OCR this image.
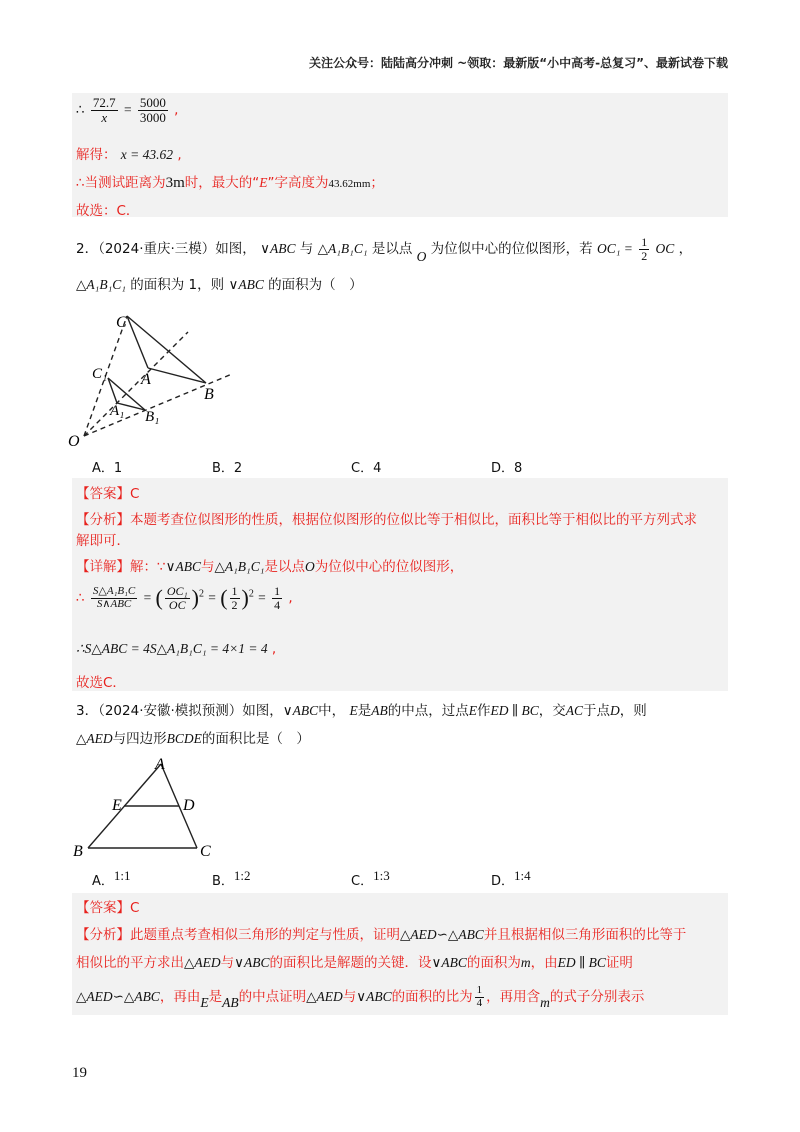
关注公众号：陆陆高分冲刺 ~领取：最新版“小中高考-总复习”、最新试卷下载
∴ $\frac{72.7}{x} = \frac{5000}{3000}$ ,
解得： x = 43.62 ,
∴当测试距离为3m时，最大的“E”字高度为43.62mm；
故选：C．
2．（2024·重庆·三模）如图， ∨ABC 与 △A₁B₁C₁ 是以点 O 为位似中心的位似图形，若 $OC_1 = \frac{1}{2}$ OC ，
△A₁B₁C₁ 的面积为 1，则 ∨ABC 的面积为（　）
C
A
B
C₁
A₁ B₁
O
A．1	B．2	C．4	D．8
【答案】C
【分析】本题考查位似图形的性质，根据位似图形的位似比等于相似比，面积比等于相似比的平方列式求
解即可．
【详解】解：∵∨ABC与△A₁B₁C₁是以点O为位似中心的位似图形，
∴ $\frac{\text{S△A₁B₁C}}{\text{S∧ABC}}$ = ( $\frac{\text{OC₁}}{OC} )^2$ = ( $\frac{1}{2} )^2 = \frac{1}{4}$ ,
∴S△ABC = 4S△A₁B₁C₁ = 4×1 = 4 ,
故选C．
3．（2024·安徽·模拟预测）如图，∨ABC中， E是AB的中点，过点E作ED ∥ BC，交AC于点D，则
△AED与四边形BCDE的面积比是（　）
A
E	D
B	C
A．1:1	B．1:2	C．1:3	D．1:4
【答案】C
【分析】此题重点考查相似三角形的判定与性质，证明△AED∽△ABC并且根据相似三角形面积的比等于
相似比的平方求出△AED与∨ABC的面积比是解题的关键．设∨ABC的面积为m，由ED ∥ BC证明
△AED∽△ABC，再由E是AB的中点证明△AED与∨ABC的面积的比为 $\frac{1}{4}$ ，再用含m的式子分别表示
19
